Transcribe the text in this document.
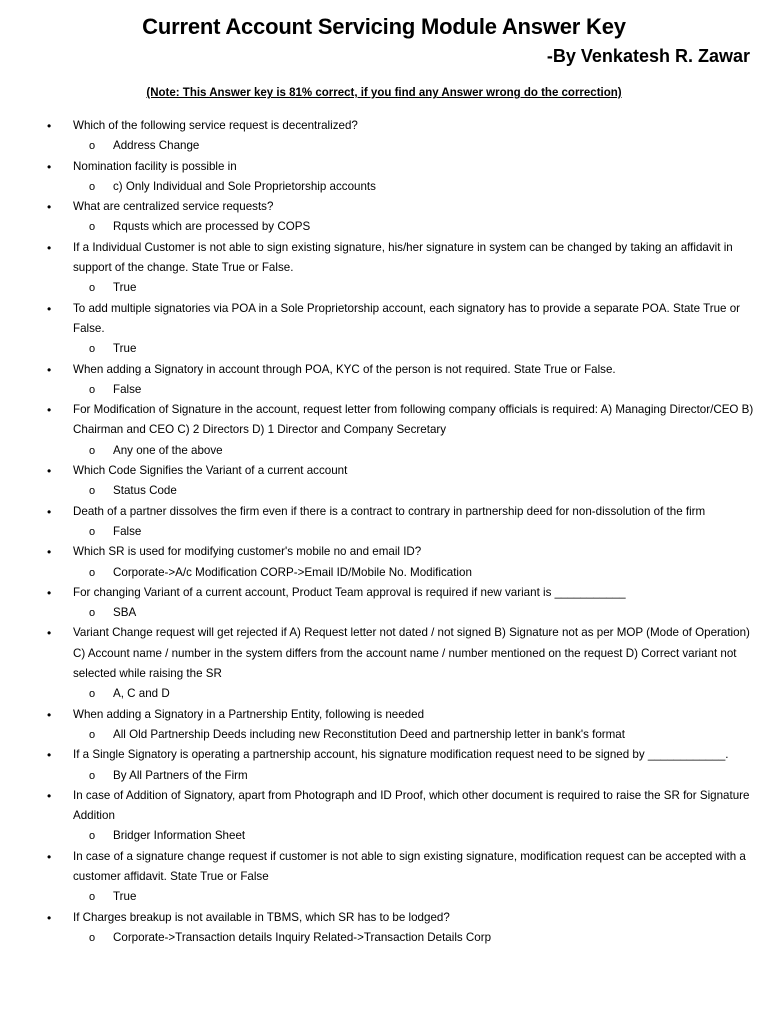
Current Account Servicing Module Answer Key
-By Venkatesh R. Zawar
(Note: This Answer key is 81% correct, if you find any Answer wrong do the correction)
• Which of the following service request is decentralized?
o Address Change
• Nomination facility is possible in
o c) Only Individual and Sole Proprietorship accounts
• What are centralized service requests?
o Rqusts which are processed by COPS
• If a Individual Customer is not able to sign existing signature, his/her signature in system can be changed by taking an affidavit in support of the change. State True or False.
o True
• To add multiple signatories via POA in a Sole Proprietorship account, each signatory has to provide a separate POA. State True or False.
o True
• When adding a Signatory in account through POA, KYC of the person is not required. State True or False.
o False
• For Modification of Signature in the account, request letter from following company officials is required: A) Managing Director/CEO B) Chairman and CEO C) 2 Directors D) 1 Director and Company Secretary
o Any one of the above
• Which Code Signifies the Variant of a current account
o Status Code
• Death of a partner dissolves the firm even if there is a contract to contrary in partnership deed for non-dissolution of the firm
o False
• Which SR is used for modifying customer's mobile no and email ID?
o Corporate->A/c Modification CORP->Email ID/Mobile No. Modification
• For changing Variant of a current account, Product Team approval is required if new variant is ___________
o SBA
• Variant Change request will get rejected if A) Request letter not dated / not signed B) Signature not as per MOP (Mode of Operation) C) Account name / number in the system differs from the account name / number mentioned on the request D) Correct variant not selected while raising the SR
o A, C and D
• When adding a Signatory in a Partnership Entity, following is needed
o All Old Partnership Deeds including new Reconstitution Deed and partnership letter in bank's format
• If a Single Signatory is operating a partnership account, his signature modification request need to be signed by ____________.
o By All Partners of the Firm
• In case of Addition of Signatory, apart from Photograph and ID Proof, which other document is required to raise the SR for Signature Addition
o Bridger Information Sheet
• In case of a signature change request if customer is not able to sign existing signature, modification request can be accepted with a customer affidavit. State True or False
o True
• If Charges breakup is not available in TBMS, which SR has to be lodged?
o Corporate->Transaction details Inquiry Related->Transaction Details Corp
